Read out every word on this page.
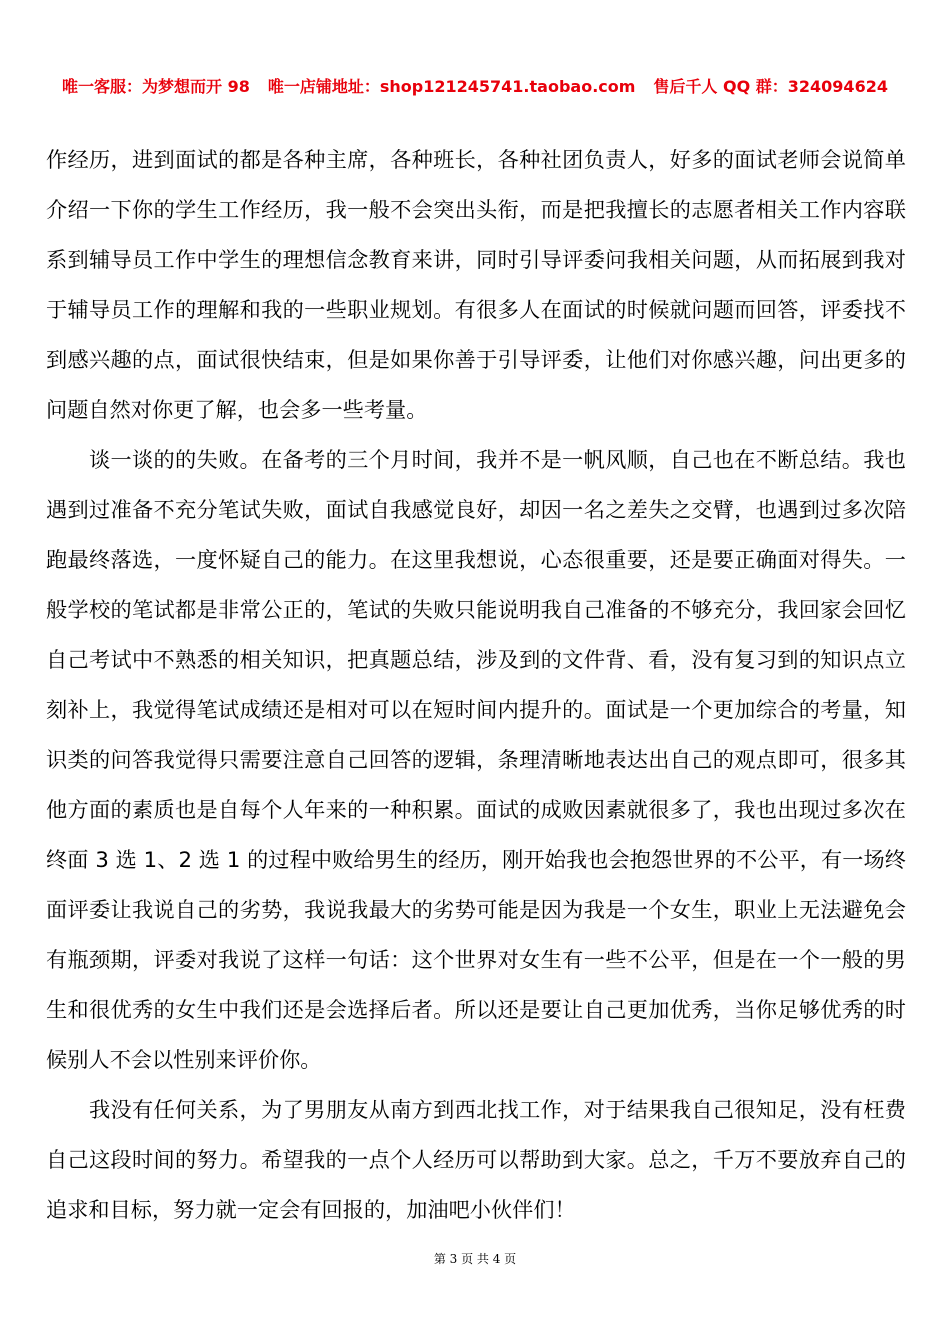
唯一客服：为梦想而开 98 唯一店铺地址：shop121245741.taobao.com 售后千人 QQ 群：324094624

作经历，进到面试的都是各种主席，各种班长，各种社团负责人，好多的面试老师会说简单介绍一下你的学生工作经历，我一般不会突出头衔，而是把我擅长的志愿者相关工作内容联系到辅导员工作中学生的理想信念教育来讲，同时引导评委问我相关问题，从而拓展到我对于辅导员工作的理解和我的一些职业规划。有很多人在面试的时候就问题而回答，评委找不到感兴趣的点，面试很快结束，但是如果你善于引导评委，让他们对你感兴趣，问出更多的问题自然对你更了解，也会多一些考量。

谈一谈的的失败。在备考的三个月时间，我并不是一帆风顺，自己也在不断总结。我也遇到过准备不充分笔试失败，面试自我感觉良好，却因一名之差失之交臂，也遇到过多次陪跑最终落选，一度怀疑自己的能力。在这里我想说，心态很重要，还是要正确面对得失。一般学校的笔试都是非常公正的，笔试的失败只能说明我自己准备的不够充分，我回家会回忆自己考试中不熟悉的相关知识，把真题总结，涉及到的文件背、看，没有复习到的知识点立刻补上，我觉得笔试成绩还是相对可以在短时间内提升的。面试是一个更加综合的考量，知识类的问答我觉得只需要注意自己回答的逻辑，条理清晰地表达出自己的观点即可，很多其他方面的素质也是自每个人年来的一种积累。面试的成败因素就很多了，我也出现过多次在终面 3 选 1、2 选 1 的过程中败给男生的经历，刚开始我也会抱怨世界的不公平，有一场终面评委让我说自己的劣势，我说我最大的劣势可能是因为我是一个女生，职业上无法避免会有瓶颈期，评委对我说了这样一句话：这个世界对女生有一些不公平，但是在一个一般的男生和很优秀的女生中我们还是会选择后者。所以还是要让自己更加优秀，当你足够优秀的时候别人不会以性别来评价你。

我没有任何关系，为了男朋友从南方到西北找工作，对于结果我自己很知足，没有枉费自己这段时间的努力。希望我的一点个人经历可以帮助到大家。总之，千万不要放弃自己的追求和目标，努力就一定会有回报的，加油吧小伙伴们！

第 3 页 共 4 页
